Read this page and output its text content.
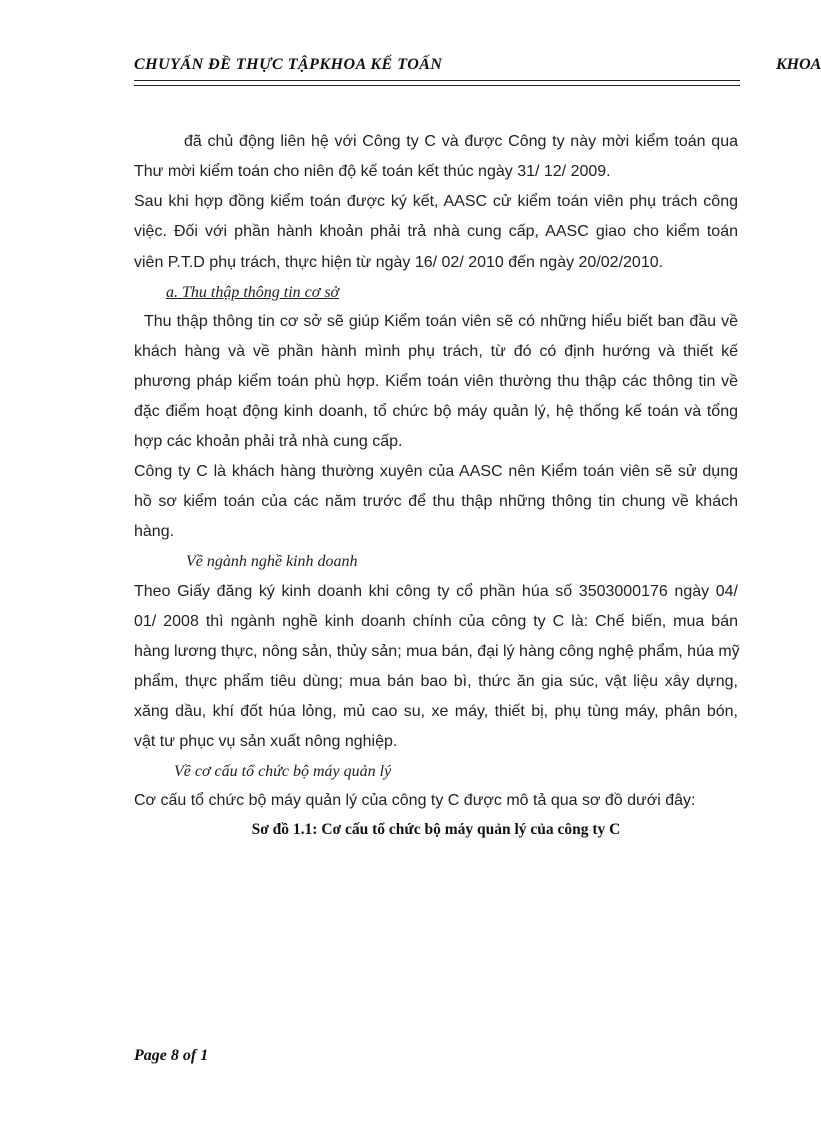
CHUYẤN ĐỀ THỰC TẬPKHOA KẾ TOẤN	KHOA
đã chủ động liên hệ với Công ty C và được Công ty này mời kiểm toán qua
Thư mời kiểm toán cho niên độ kế toán kết thúc ngày 31/ 12/ 2009.
Sau khi hợp đồng kiểm toán được ký kết, AASC cử kiểm toán viên phụ trách công
việc. Đối với phần hành khoản phải trả nhà cung cấp, AASC giao cho kiểm toán
viên P.T.D phụ trách, thực hiện từ ngày 16/ 02/ 2010 đến ngày 20/02/2010.
a. Thu thập thông tin cơ sở
Thu thập thông tin cơ sở sẽ giúp Kiểm toán viên sẽ có những hiểu biết ban đầu về
khách hàng và về phần hành mình phụ trách, từ đó có định hướng và thiết kế
phương pháp kiểm toán phù hợp. Kiểm toán viên thường thu thập các thông tin về
đặc điểm hoạt động kinh doanh, tổ chức bộ máy quản lý, hệ thống kế toán và tổng
hợp các khoản phải trả nhà cung cấp.
Công ty C là khách hàng thường xuyên của AASC nên Kiểm toán viên sẽ sử dụng
hồ sơ kiểm toán của các năm trước để thu thập những thông tin chung về khách
hàng.
Về ngành nghề kinh doanh
Theo Giấy đăng ký kinh doanh khi công ty cổ phần húa số 3503000176 ngày 04/
01/ 2008 thì ngành nghề kinh doanh chính của công ty C là: Chế biến, mua bán
hàng lương thực, nông sản, thủy sản; mua bán, đại lý hàng công nghệ phẩm, húa mỹ
phẩm, thực phẩm tiêu dùng; mua bán bao bì, thức ăn gia súc, vật liệu xây dựng,
xăng dầu, khí đốt húa lỏng, mủ cao su, xe máy, thiết bị, phụ tùng máy, phân bón,
vật tư phục vụ sản xuất nông nghiệp.
Về cơ cấu tổ chức bộ máy quản lý
Cơ cấu tổ chức bộ máy quản lý của công ty C được mô tả qua sơ đồ dưới đây:
Sơ đồ 1.1: Cơ cấu tổ chức bộ máy quản lý của công ty C
Page 8 of 1
